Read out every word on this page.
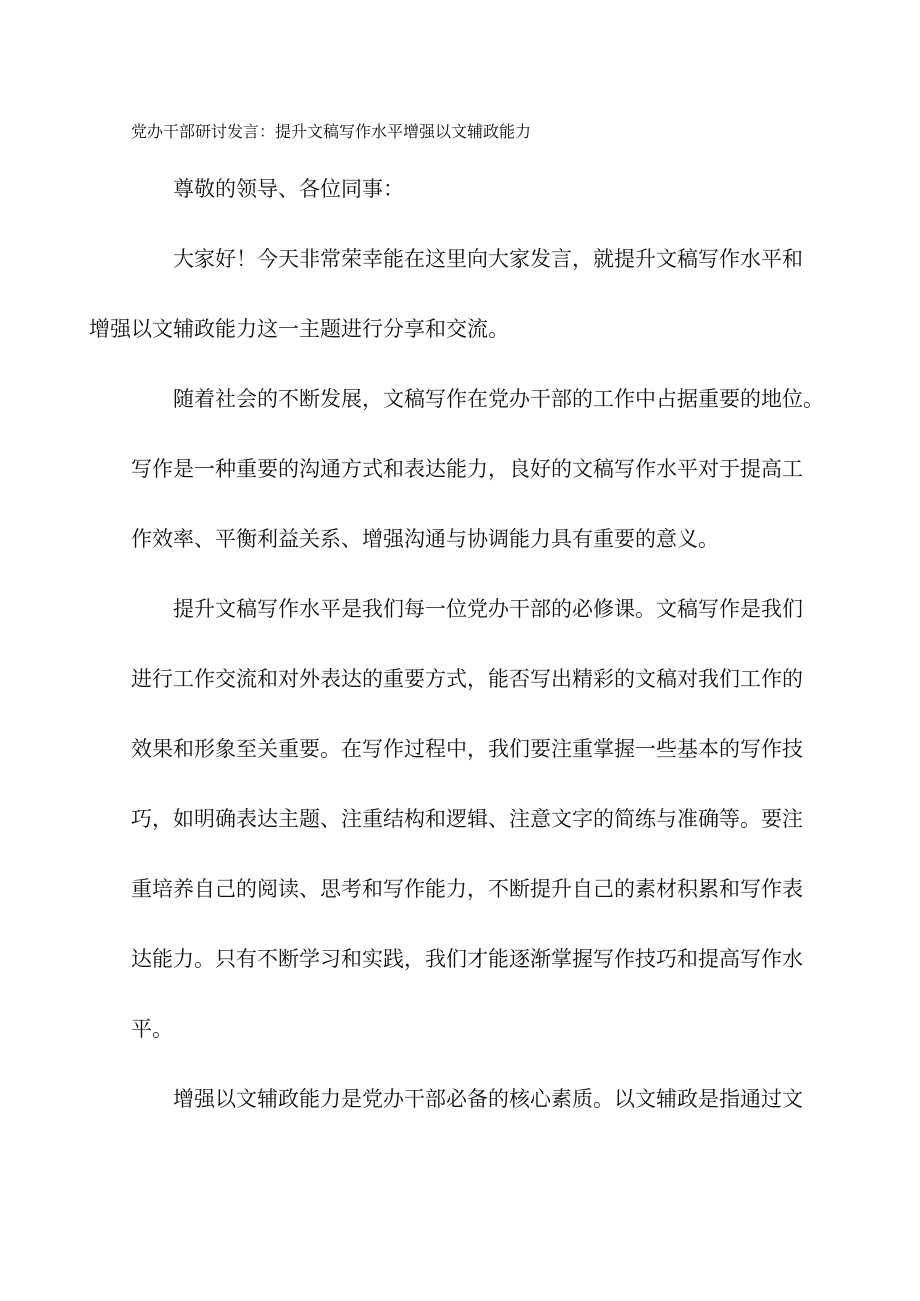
党办干部研讨发言：提升文稿写作水平增强以文辅政能力

尊敬的领导、各位同事：

大家好！今天非常荣幸能在这里向大家发言，就提升文稿写作水平和
增强以文辅政能力这一主题进行分享和交流。

随着社会的不断发展，文稿写作在党办干部的工作中占据重要的地位。
写作是一种重要的沟通方式和表达能力，良好的文稿写作水平对于提高工
作效率、平衡利益关系、增强沟通与协调能力具有重要的意义。

提升文稿写作水平是我们每一位党办干部的必修课。文稿写作是我们
进行工作交流和对外表达的重要方式，能否写出精彩的文稿对我们工作的
效果和形象至关重要。在写作过程中，我们要注重掌握一些基本的写作技
巧，如明确表达主题、注重结构和逻辑、注意文字的简练与准确等。要注
重培养自己的阅读、思考和写作能力，不断提升自己的素材积累和写作表
达能力。只有不断学习和实践，我们才能逐渐掌握写作技巧和提高写作水
平。

增强以文辅政能力是党办干部必备的核心素质。以文辅政是指通过文
